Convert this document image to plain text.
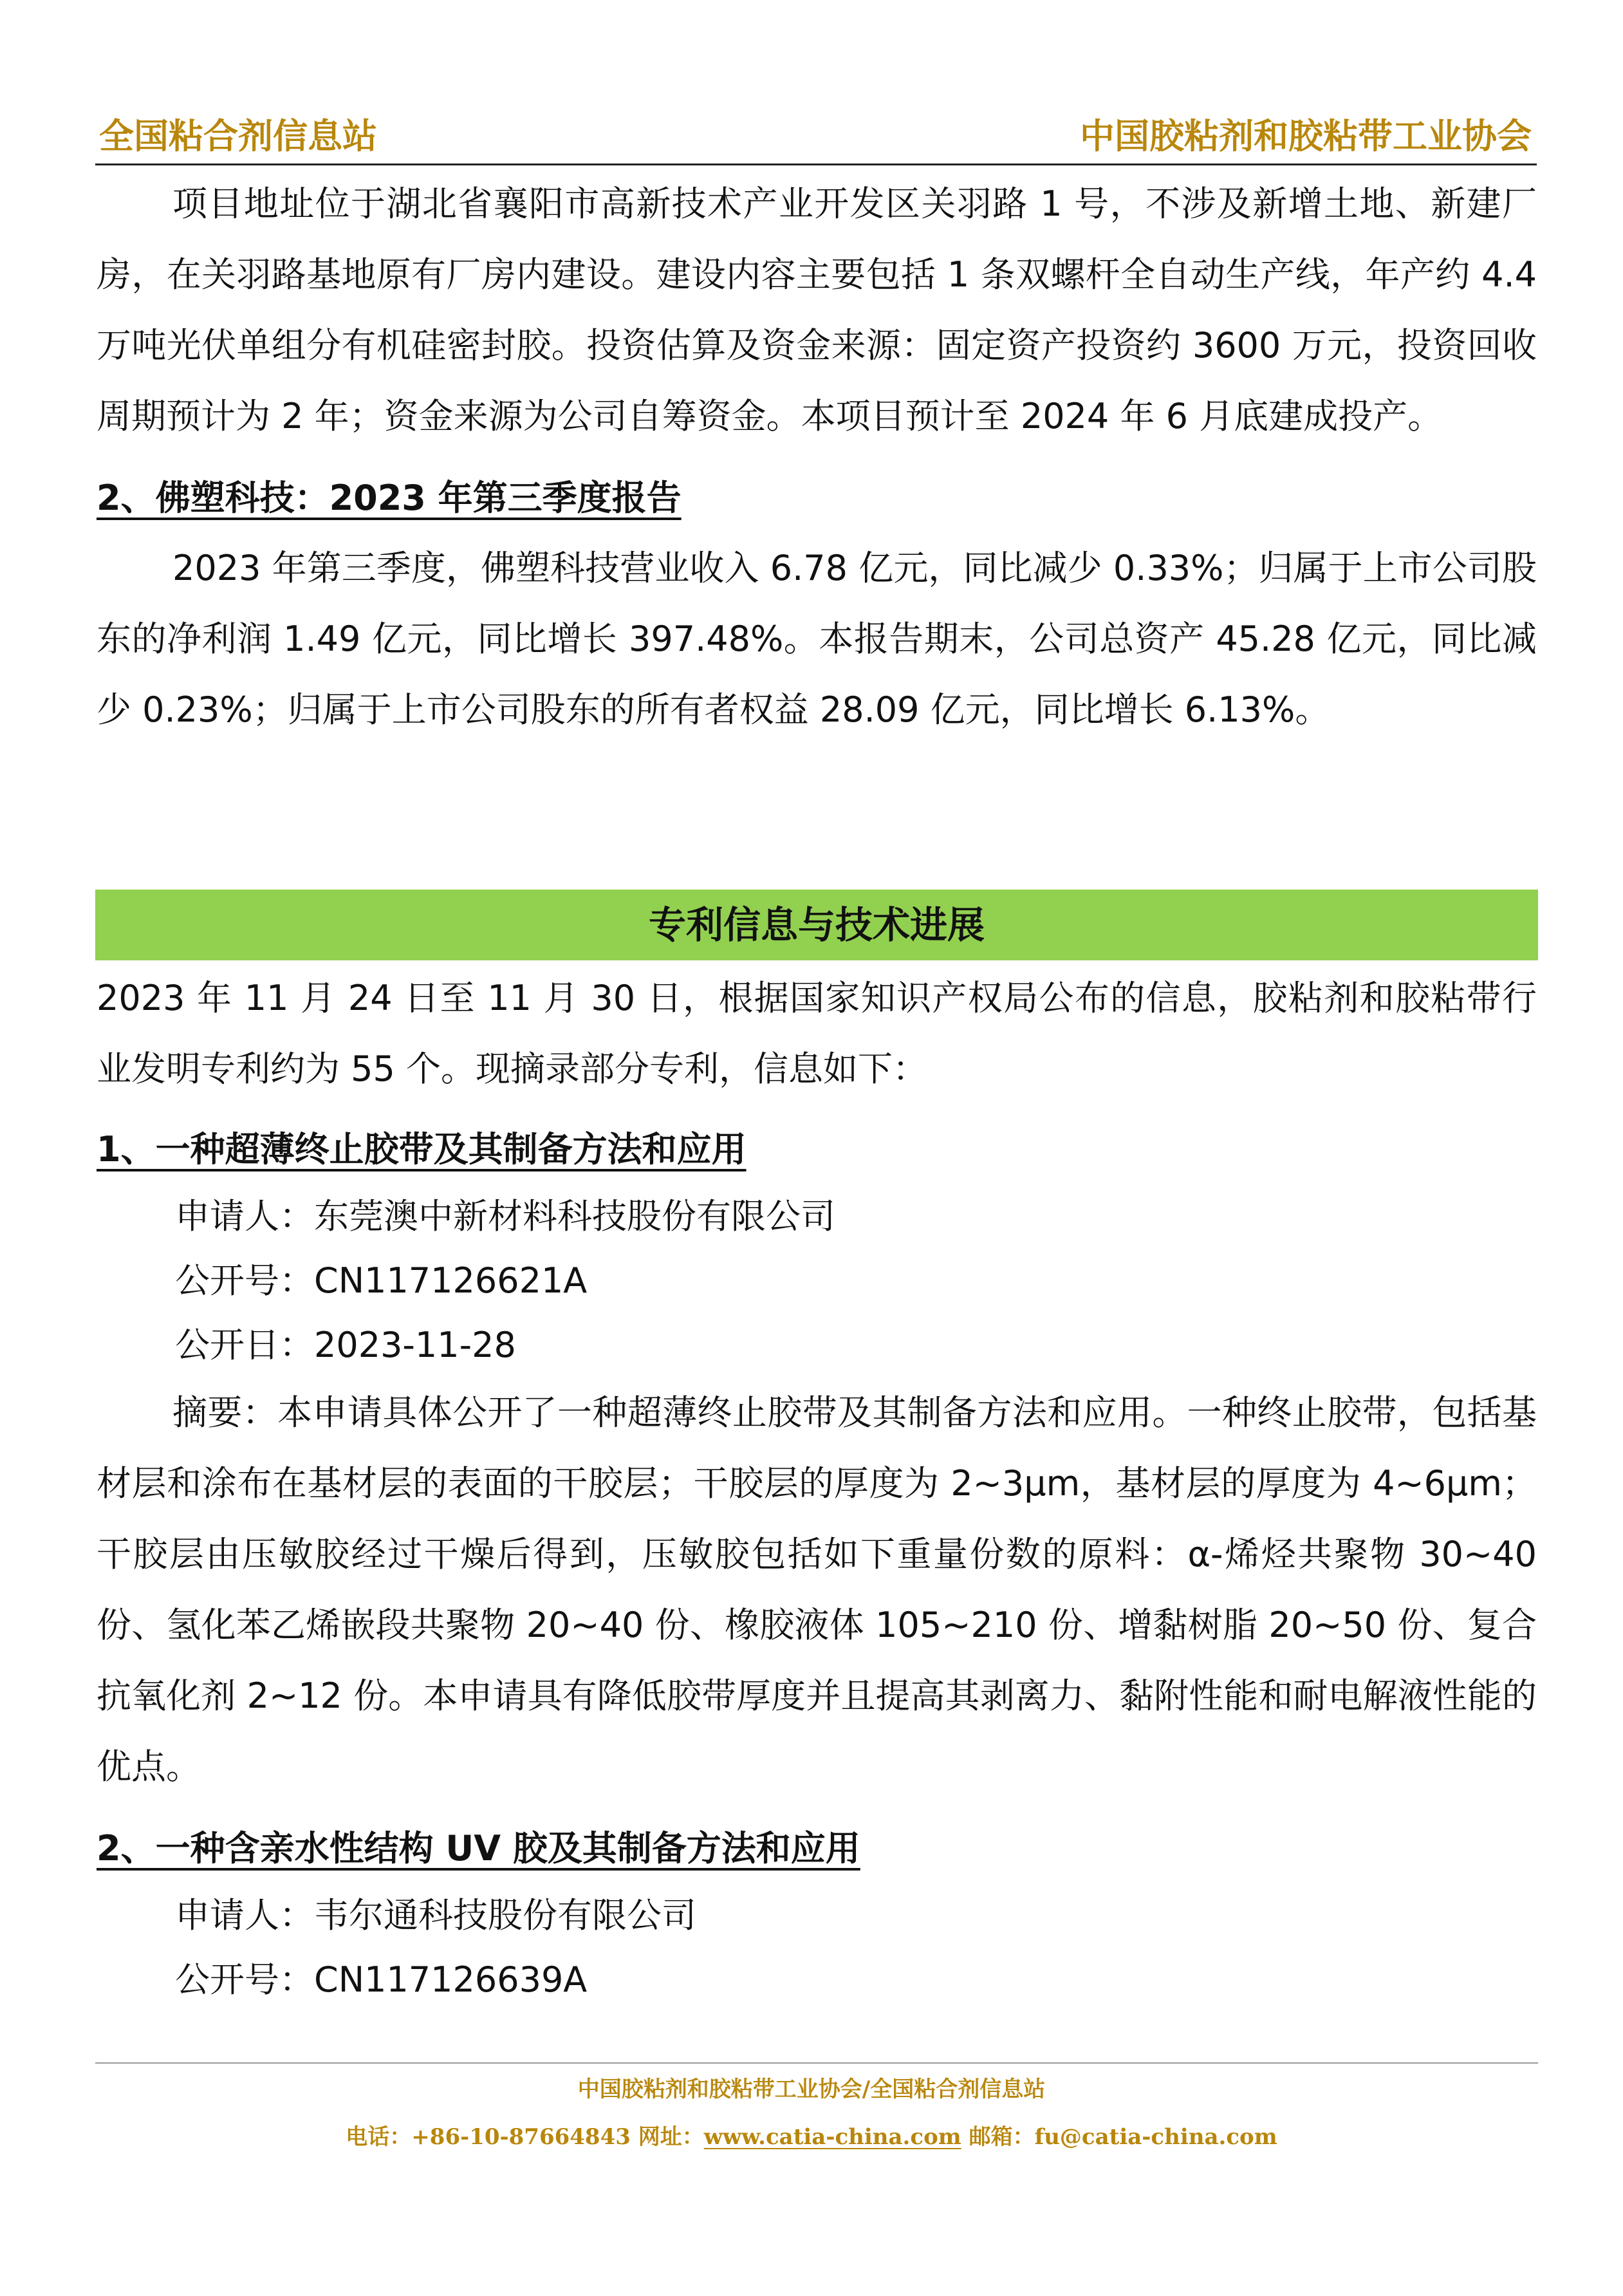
全国粘合剂信息站	中国胶粘剂和胶粘带工业协会

项目地址位于湖北省襄阳市高新技术产业开发区关羽路 1 号，不涉及新增土地、新建厂房，在关羽路基地原有厂房内建设。建设内容主要包括 1 条双螺杆全自动生产线，年产约 4.4 万吨光伏单组分有机硅密封胶。投资估算及资金来源：固定资产投资约 3600 万元，投资回收周期预计为 2 年；资金来源为公司自筹资金。本项目预计至 2024 年 6 月底建成投产。

2、佛塑科技：2023 年第三季度报告

2023 年第三季度，佛塑科技营业收入 6.78 亿元，同比减少 0.33%；归属于上市公司股东的净利润 1.49 亿元，同比增长 397.48%。本报告期末，公司总资产 45.28 亿元，同比减少 0.23%；归属于上市公司股东的所有者权益 28.09 亿元，同比增长 6.13%。

专利信息与技术进展

2023 年 11 月 24 日至 11 月 30 日，根据国家知识产权局公布的信息，胶粘剂和胶粘带行业发明专利约为 55 个。现摘录部分专利，信息如下：

1、一种超薄终止胶带及其制备方法和应用

申请人：东莞澳中新材料科技股份有限公司

公开号：CN117126621A

公开日：2023-11-28

摘要：本申请具体公开了一种超薄终止胶带及其制备方法和应用。一种终止胶带，包括基材层和涂布在基材层的表面的干胶层；干胶层的厚度为 2~3μm，基材层的厚度为 4~6μm；干胶层由压敏胶经过干燥后得到，压敏胶包括如下重量份数的原料：α-烯烃共聚物 30~40 份、氢化苯乙烯嵌段共聚物 20~40 份、橡胶液体 105~210 份、增黏树脂 20~50 份、复合抗氧化剂 2~12 份。本申请具有降低胶带厚度并且提高其剥离力、黏附性能和耐电解液性能的优点。

2、一种含亲水性结构 UV 胶及其制备方法和应用

申请人：韦尔通科技股份有限公司

公开号：CN117126639A

中国胶粘剂和胶粘带工业协会/全国粘合剂信息站
电话：+86-10-87664843 网址：www.catia-china.com 邮箱：fu@catia-china.com
